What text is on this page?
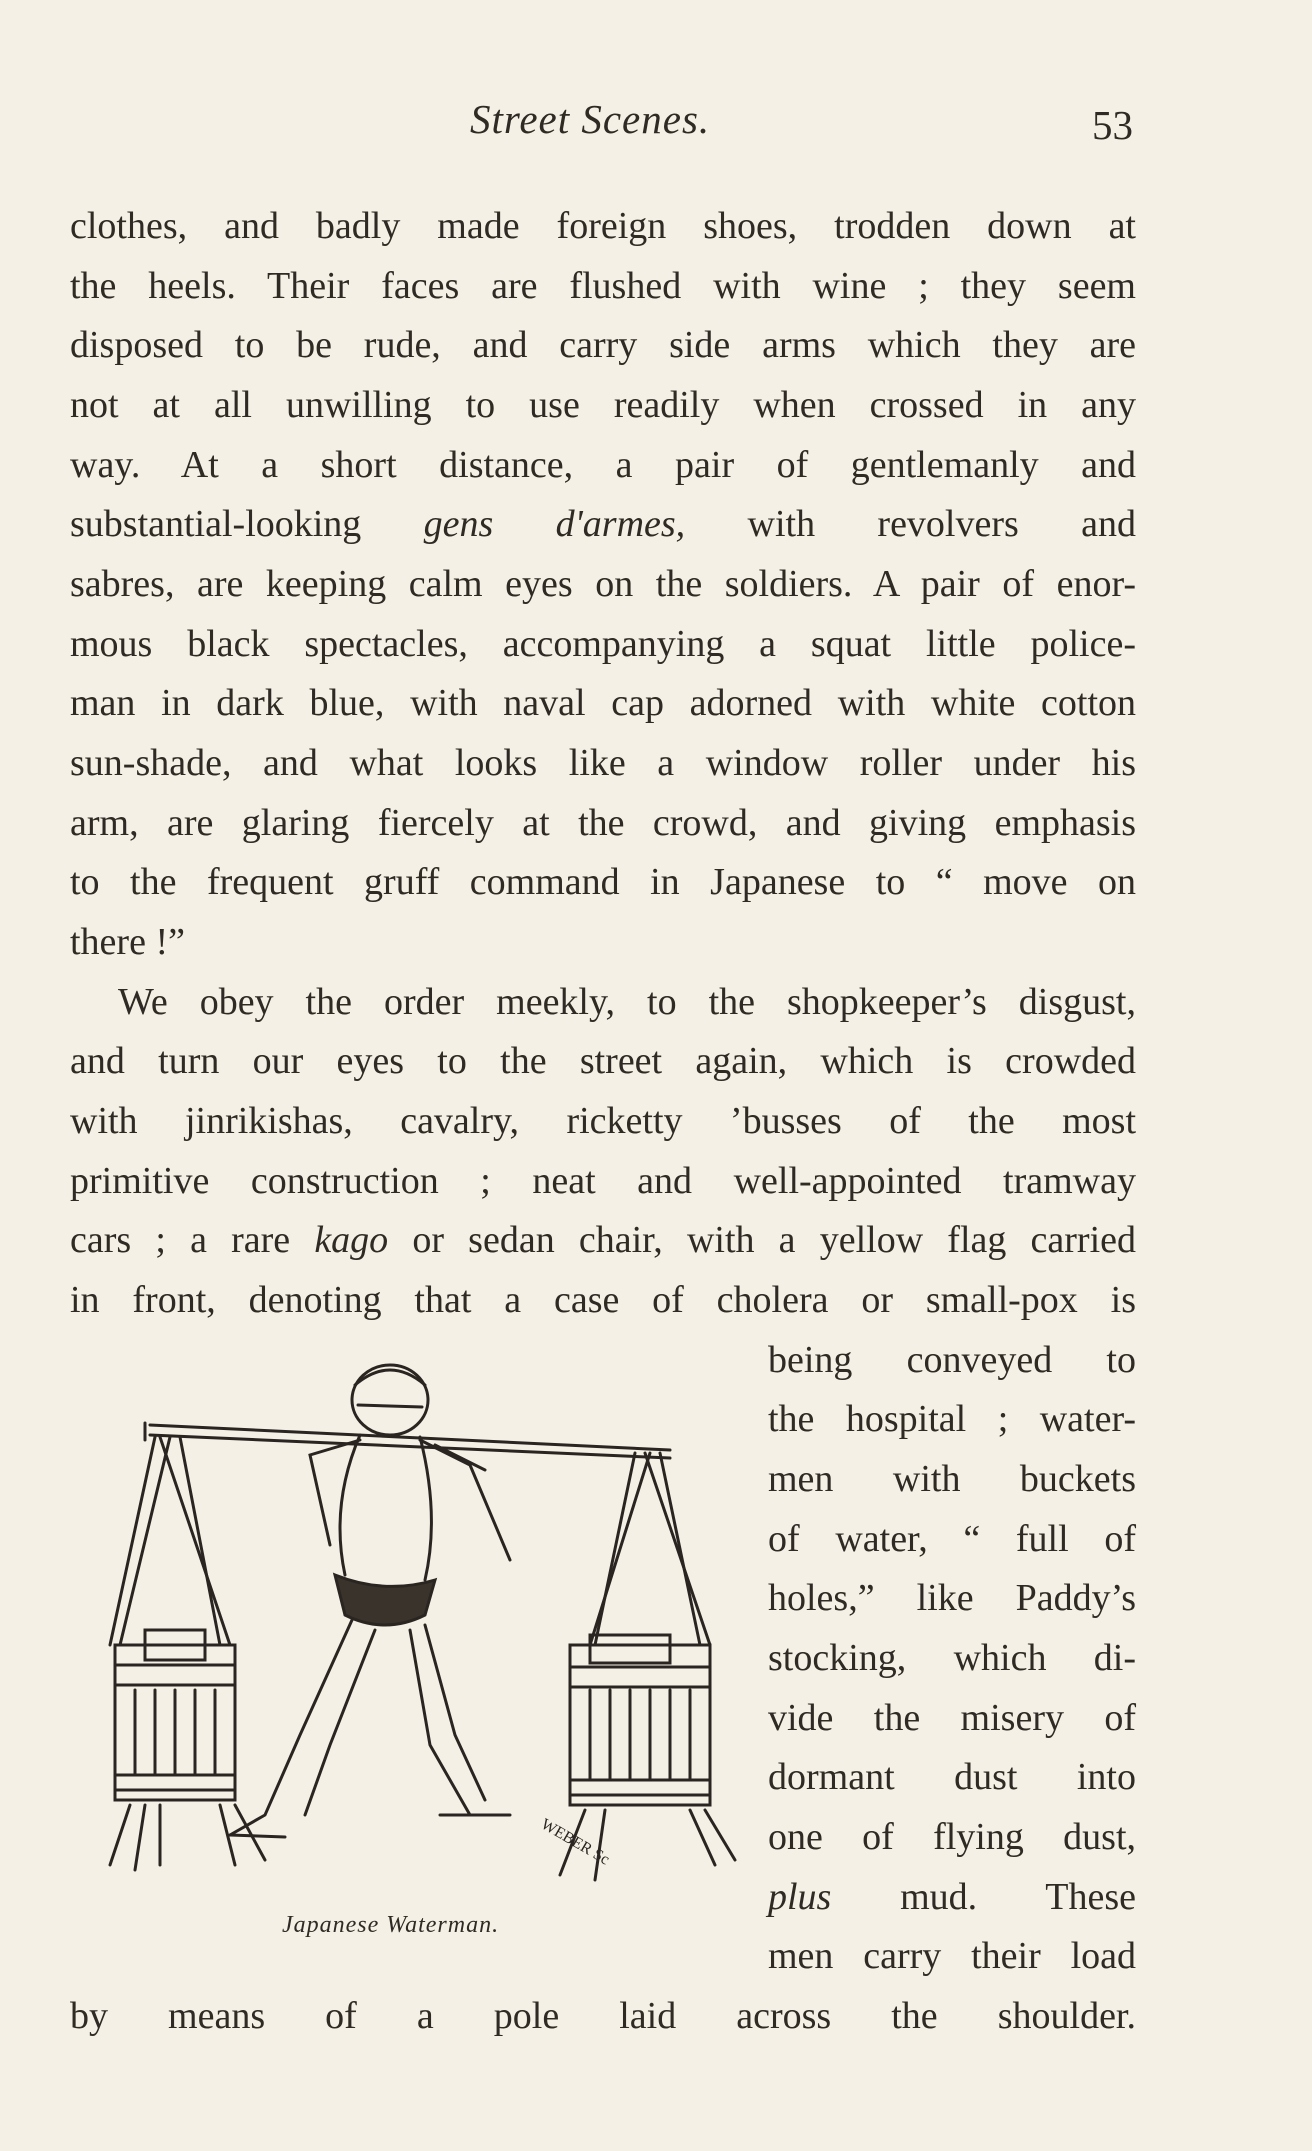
Street Scenes.	53
clothes, and badly made foreign shoes, trodden down at
the heels. Their faces are flushed with wine ; they seem
disposed to be rude, and carry side arms which they are
not at all unwilling to use readily when crossed in any
way. At a short distance, a pair of gentlemanly and
substantial-looking gens d'armes, with revolvers and
sabres, are keeping calm eyes on the soldiers. A pair of enor-
mous black spectacles, accompanying a squat little police-
man in dark blue, with naval cap adorned with white cotton
sun-shade, and what looks like a window roller under his
arm, are glaring fiercely at the crowd, and giving emphasis
to the frequent gruff command in Japanese to “ move on
there !”
We obey the order meekly, to the shopkeeper’s disgust,
and turn our eyes to the street again, which is crowded
with jinrikishas, cavalry, ricketty ’busses of the most
primitive construction ; neat and well-appointed tramway
cars ; a rare kago or sedan chair, with a yellow flag carried
in front, denoting that a case of cholera or small-pox is
being conveyed to
the hospital ; water-
men with buckets
of water, “ full of
holes,” like Paddy’s
stocking, which di-
vide the misery of
dormant dust into
one of flying dust,
plus mud. These
men carry their load
by means of a pole laid across the shoulder.
WEBER Sc
Japanese Waterman.
